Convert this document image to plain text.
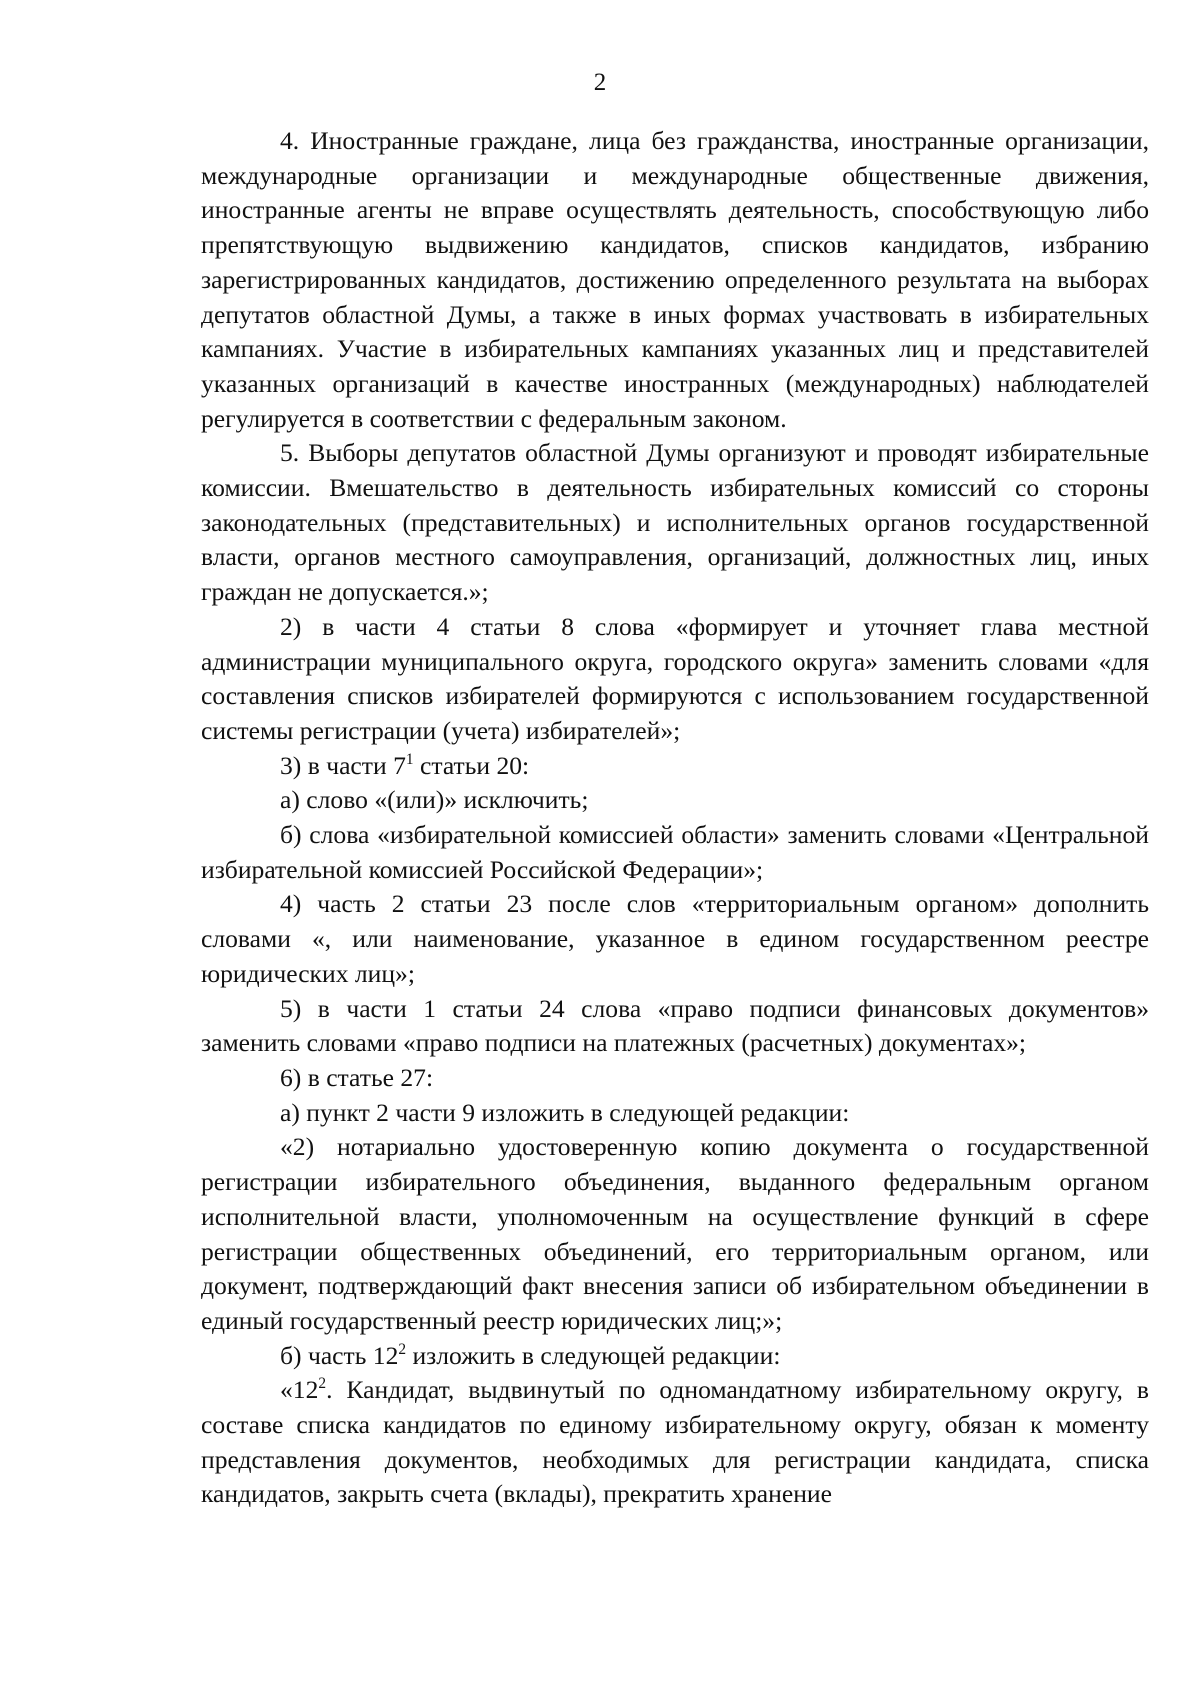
2

4. Иностранные граждане, лица без гражданства, иностранные организации, международные организации и международные общественные движения, иностранные агенты не вправе осуществлять деятельность, способствующую либо препятствующую выдвижению кандидатов, списков кандидатов, избранию зарегистрированных кандидатов, достижению определенного результата на выборах депутатов областной Думы, а также в иных формах участвовать в избирательных кампаниях. Участие в избирательных кампаниях указанных лиц и представителей указанных организаций в качестве иностранных (международных) наблюдателей регулируется в соответствии с федеральным законом.

5. Выборы депутатов областной Думы организуют и проводят избирательные комиссии. Вмешательство в деятельность избирательных комиссий со стороны законодательных (представительных) и исполнительных органов государственной власти, органов местного самоуправления, организаций, должностных лиц, иных граждан не допускается.»;

2) в части 4 статьи 8 слова «формирует и уточняет глава местной администрации муниципального округа, городского округа» заменить словами «для составления списков избирателей формируются с использованием государственной системы регистрации (учета) избирателей»;

3) в части $7^1$ статьи 20:

а) слово «(или)» исключить;

б) слова «избирательной комиссией области» заменить словами «Центральной избирательной комиссией Российской Федерации»;

4) часть 2 статьи 23 после слов «территориальным органом» дополнить словами «, или наименование, указанное в едином государственном реестре юридических лиц»;

5) в части 1 статьи 24 слова «право подписи финансовых документов» заменить словами «право подписи на платежных (расчетных) документах»;

6) в статье 27:

а) пункт 2 части 9 изложить в следующей редакции:

«2) нотариально удостоверенную копию документа о государственной регистрации избирательного объединения, выданного федеральным органом исполнительной власти, уполномоченным на осуществление функций в сфере регистрации общественных объединений, его территориальным органом, или документ, подтверждающий факт внесения записи об избирательном объединении в единый государственный реестр юридических лиц;»;

б) часть $12^2$ изложить в следующей редакции:

«$12^2$. Кандидат, выдвинутый по одномандатному избирательному округу, в составе списка кандидатов по единому избирательному округу, обязан к моменту представления документов, необходимых для регистрации кандидата, списка кандидатов, закрыть счета (вклады), прекратить хранение
